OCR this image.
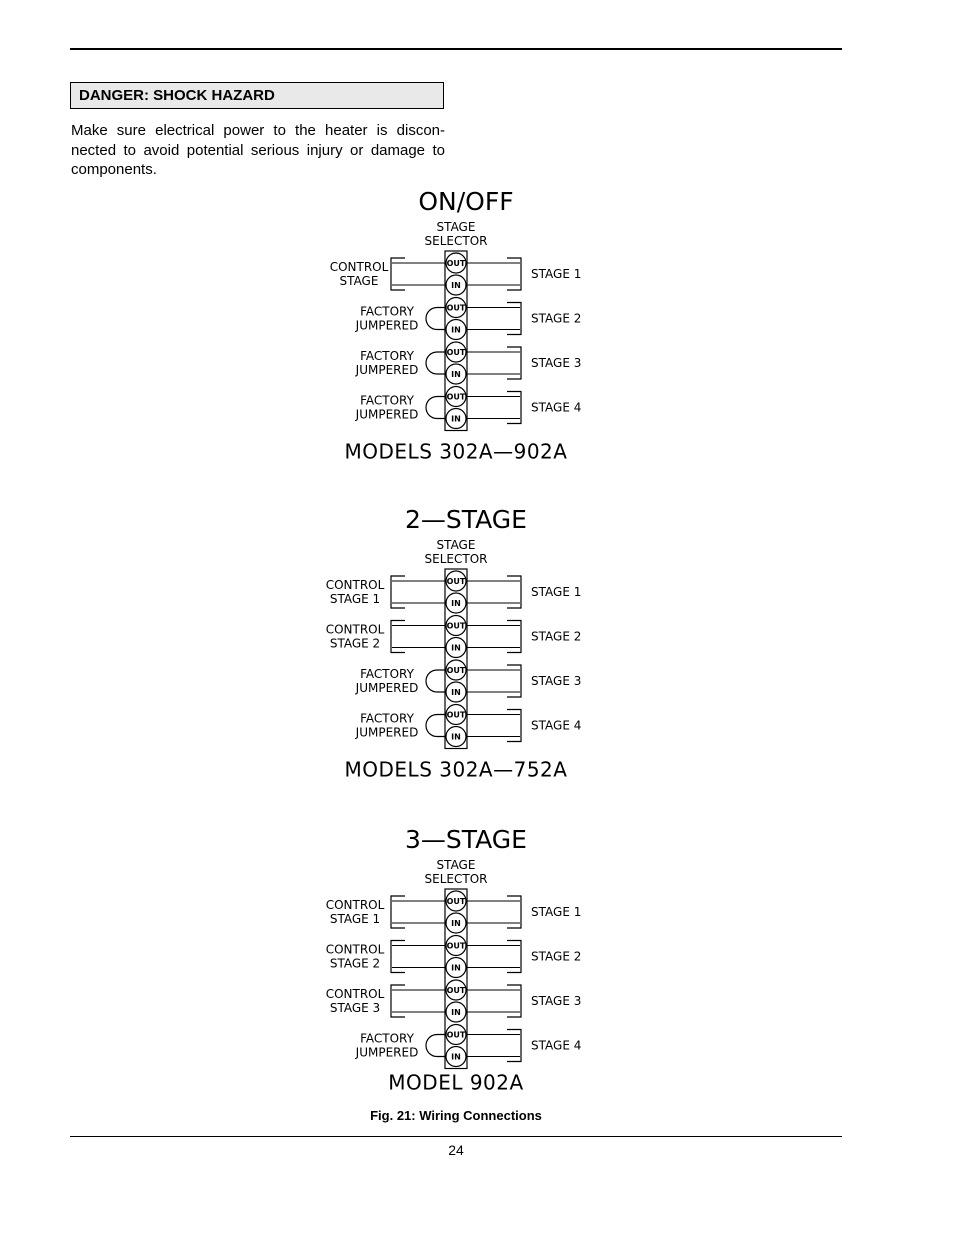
DANGER: SHOCK HAZARD
Make sure electrical power to the heater is discon-nected to avoid potential serious injury or damage to components.
ON/OFF
STAGE
SELECTOR
OUT
IN
STAGE 1
CONTROL
STAGE
OUT
IN
STAGE 2
FACTORY
JUMPERED
OUT
IN
STAGE 3
FACTORY
JUMPERED
OUT
IN
STAGE 4
FACTORY
JUMPERED
MODELS 302A—902A
2—STAGE
STAGE
SELECTOR
OUT
IN
STAGE 1
CONTROL
STAGE 1
OUT
IN
STAGE 2
CONTROL
STAGE 2
OUT
IN
STAGE 3
FACTORY
JUMPERED
OUT
IN
STAGE 4
FACTORY
JUMPERED
MODELS 302A—752A
3—STAGE
STAGE
SELECTOR
OUT
IN
STAGE 1
CONTROL
STAGE 1
OUT
IN
STAGE 2
CONTROL
STAGE 2
OUT
IN
STAGE 3
CONTROL
STAGE 3
OUT
IN
STAGE 4
FACTORY
JUMPERED
MODEL 902A
Fig. 21: Wiring Connections
24
